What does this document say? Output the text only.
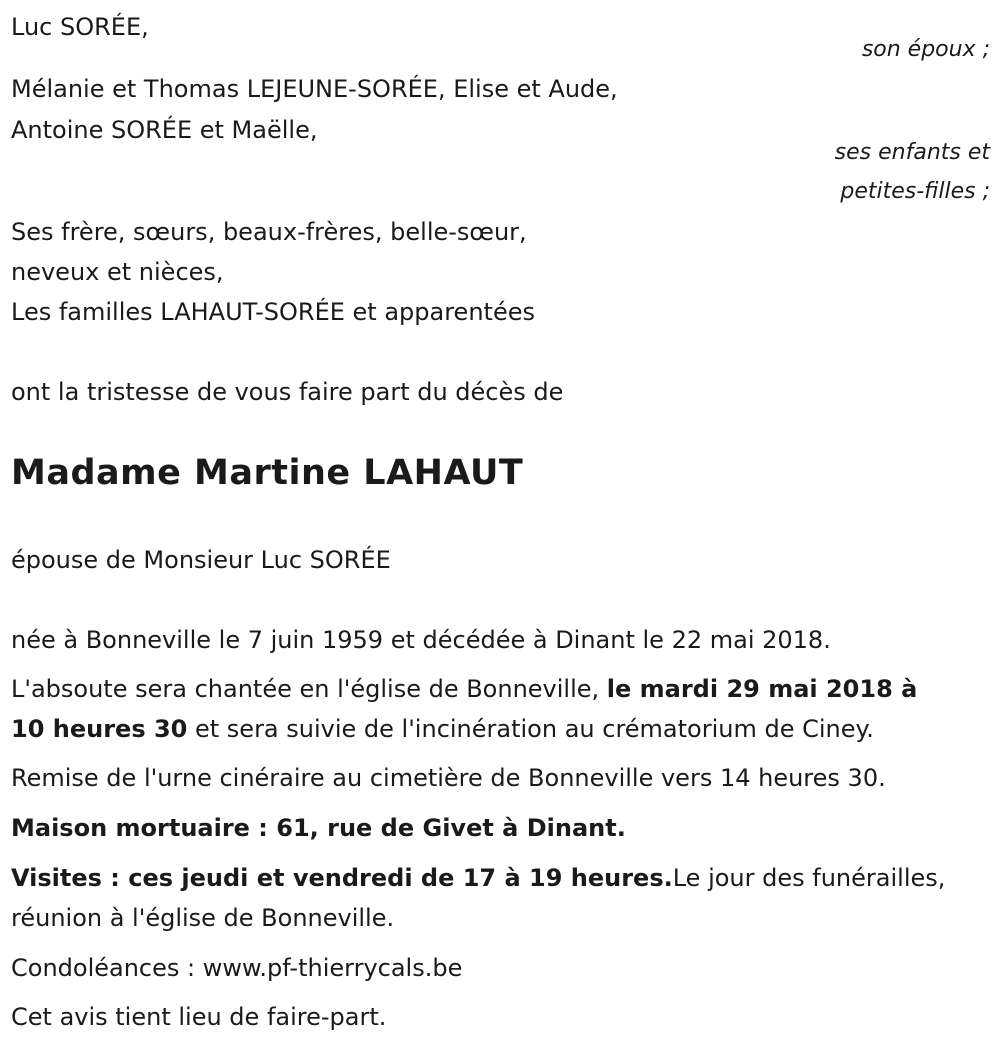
Luc SORÉE,
son époux ;
Mélanie et Thomas LEJEUNE-SORÉE, Elise et Aude,
Antoine SORÉE et Maëlle,
ses enfants et
petites-filles ;
Ses frère, sœurs, beaux-frères, belle-sœur,
neveux et nièces,
Les familles LAHAUT-SORÉE et apparentées
ont la tristesse de vous faire part du décès de
Madame Martine LAHAUT
épouse de Monsieur Luc SORÉE
née à Bonneville le 7 juin 1959 et décédée à Dinant le 22 mai 2018.
L'absoute sera chantée en l'église de Bonneville, le mardi 29 mai 2018 à
10 heures 30 et sera suivie de l'incinération au crématorium de Ciney.
Remise de l'urne cinéraire au cimetière de Bonneville vers 14 heures 30.
Maison mortuaire : 61, rue de Givet à Dinant.
Visites : ces jeudi et vendredi de 17 à 19 heures.Le jour des funérailles,
réunion à l'église de Bonneville.
Condoléances : www.pf-thierrycals.be
Cet avis tient lieu de faire-part.
